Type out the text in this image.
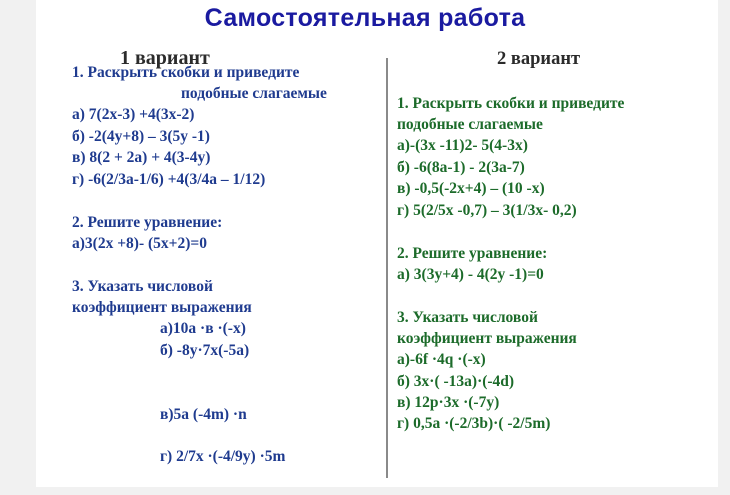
Самостоятельная работа
1 вариант
1. Раскрыть скобки и приведите
подобные слагаемые
а) 7(2х-3) +4(3х-2)
б) -2(4у+8) – 3(5у -1)
в) 8(2 + 2а) + 4(3-4у)
г) -6(2/3а-1/6) +4(3/4а – 1/12)
2. Решите уравнение:
а)3(2х +8)- (5х+2)=0
3. Указать числовой
коэффициент выражения
а)10а ·в ·(-х)
б) -8у·7х(-5а)
в)5а (-4m) ·n
г) 2/7х ·(-4/9у) ·5m
2 вариант
1. Раскрыть скобки и приведите
подобные слагаемые
а)-(3х -11)2- 5(4-3х)
б) -6(8а-1) - 2(3а-7)
в) -0,5(-2х+4) – (10 -х)
г) 5(2/5х -0,7) – 3(1/3х- 0,2)
2. Решите уравнение:
а) 3(3у+4) - 4(2у -1)=0
3. Указать числовой
коэффициент выражения
а)-6f ·4q ·(-х)
б) 3х·( -13а)·(-4d)
в) 12р·3х ·(-7у)
г) 0,5а ·(-2/3b)·( -2/5m)
